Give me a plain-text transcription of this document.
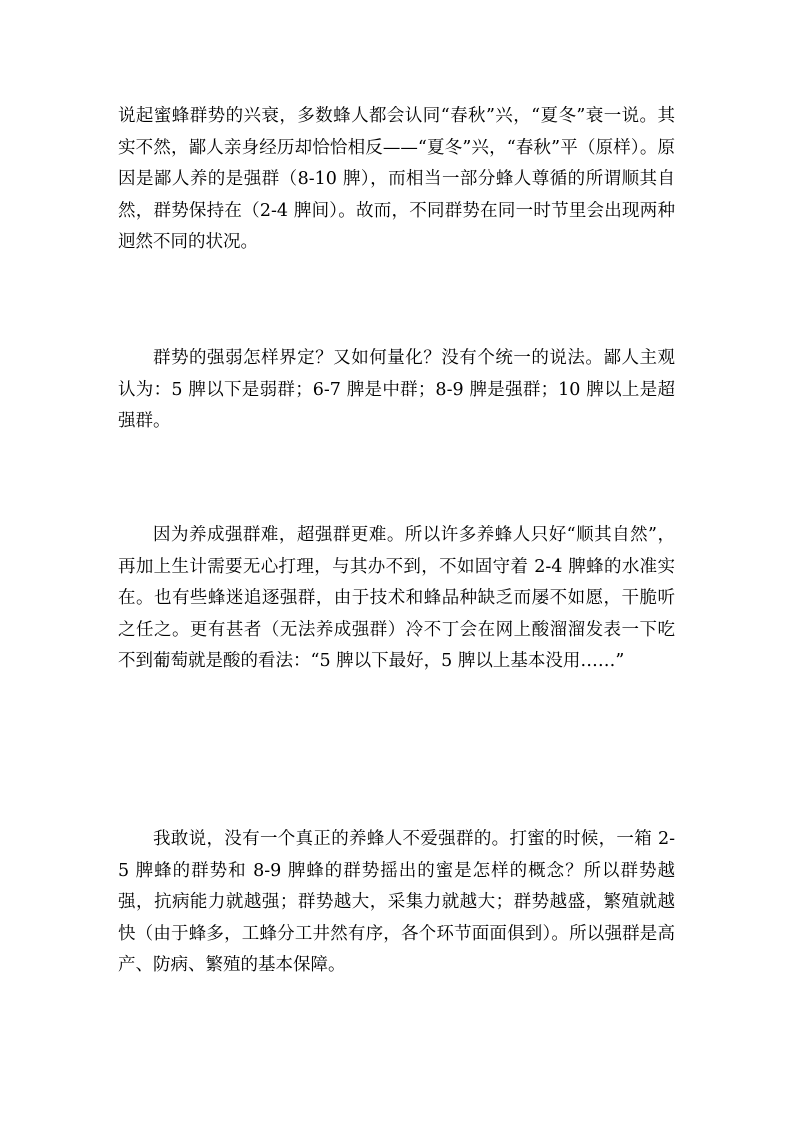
说起蜜蜂群势的兴衰，多数蜂人都会认同“春秋”兴，“夏冬”衰一说。其实不然，鄙人亲身经历却恰恰相反——“夏冬”兴，“春秋”平（原样）。原因是鄙人养的是强群（8-10 脾），而相当一部分蜂人尊循的所谓顺其自然，群势保持在（2-4 脾间）。故而，不同群势在同一时节里会出现两种迥然不同的状况。

群势的强弱怎样界定？又如何量化？没有个统一的说法。鄙人主观认为：5 脾以下是弱群；6-7 脾是中群；8-9 脾是强群；10 脾以上是超强群。

因为养成强群难，超强群更难。所以许多养蜂人只好“顺其自然”，再加上生计需要无心打理，与其办不到，不如固守着 2-4 脾蜂的水准实在。也有些蜂迷追逐强群，由于技术和蜂品种缺乏而屡不如愿，干脆听之任之。更有甚者（无法养成强群）冷不丁会在网上酸溜溜发表一下吃不到葡萄就是酸的看法：“5 脾以下最好，5 脾以上基本没用……”

我敢说，没有一个真正的养蜂人不爱强群的。打蜜的时候，一箱 2-5 脾蜂的群势和 8-9 脾蜂的群势摇出的蜜是怎样的概念？所以群势越强，抗病能力就越强；群势越大，采集力就越大；群势越盛，繁殖就越快（由于蜂多，工蜂分工井然有序，各个环节面面俱到）。所以强群是高产、防病、繁殖的基本保障。
